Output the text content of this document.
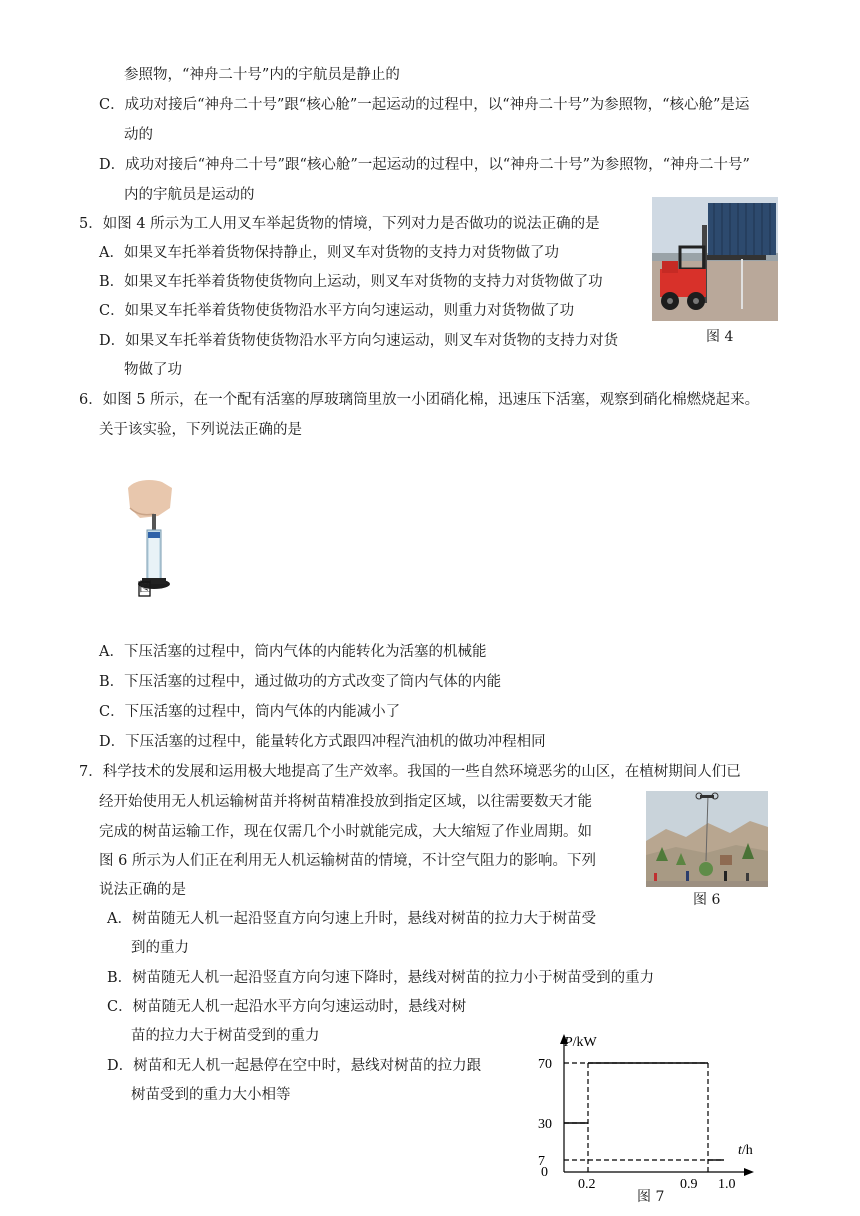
参照物，“神舟二十号”内的宇航员是静止的
C．成功对接后“神舟二十号”跟“核心舱”一起运动的过程中，以“神舟二十号”为参照物，“核心舱”是运
动的
D．成功对接后“神舟二十号”跟“核心舱”一起运动的过程中，以“神舟二十号”为参照物，“神舟二十号”
内的宇航员是运动的
5．如图 4 所示为工人用叉车举起货物的情境，下列对力是否做功的说法正确的是
A．如果叉车托举着货物保持静止，则叉车对货物的支持力对货物做了功
B．如果叉车托举着货物使货物向上运动，则叉车对货物的支持力对货物做了功
C．如果叉车托举着货物使货物沿水平方向匀速运动，则重力对货物做了功
D．如果叉车托举着货物使货物沿水平方向匀速运动，则叉车对货物的支持力对货
物做了功
6．如图 5 所示，在一个配有活塞的厚玻璃筒里放一小团硝化棉，迅速压下活塞，观察到硝化棉燃烧起来。
关于该实验，下列说法正确的是
A．下压活塞的过程中，筒内气体的内能转化为活塞的机械能
B．下压活塞的过程中，通过做功的方式改变了筒内气体的内能
C．下压活塞的过程中，筒内气体的内能减小了
D．下压活塞的过程中，能量转化方式跟四冲程汽油机的做功冲程相同
7．科学技术的发展和运用极大地提高了生产效率。我国的一些自然环境恶劣的山区，在植树期间人们已
经开始使用无人机运输树苗并将树苗精准投放到指定区域，以往需要数天才能
完成的树苗运输工作，现在仅需几个小时就能完成，大大缩短了作业周期。如
图 6 所示为人们正在利用无人机运输树苗的情境，不计空气阻力的影响。下列
说法正确的是
A．树苗随无人机一起沿竖直方向匀速上升时，悬线对树苗的拉力大于树苗受
到的重力
B．树苗随无人机一起沿竖直方向匀速下降时，悬线对树苗的拉力小于树苗受到的重力
C．树苗随无人机一起沿水平方向匀速运动时，悬线对树
苗的拉力大于树苗受到的重力
D．树苗和无人机一起悬停在空中时，悬线对树苗的拉力跟
树苗受到的重力大小相等
图 4
图
图 6
P/kW
t/h
0
70
30
7
0.2	0.9 1.0
图 7
